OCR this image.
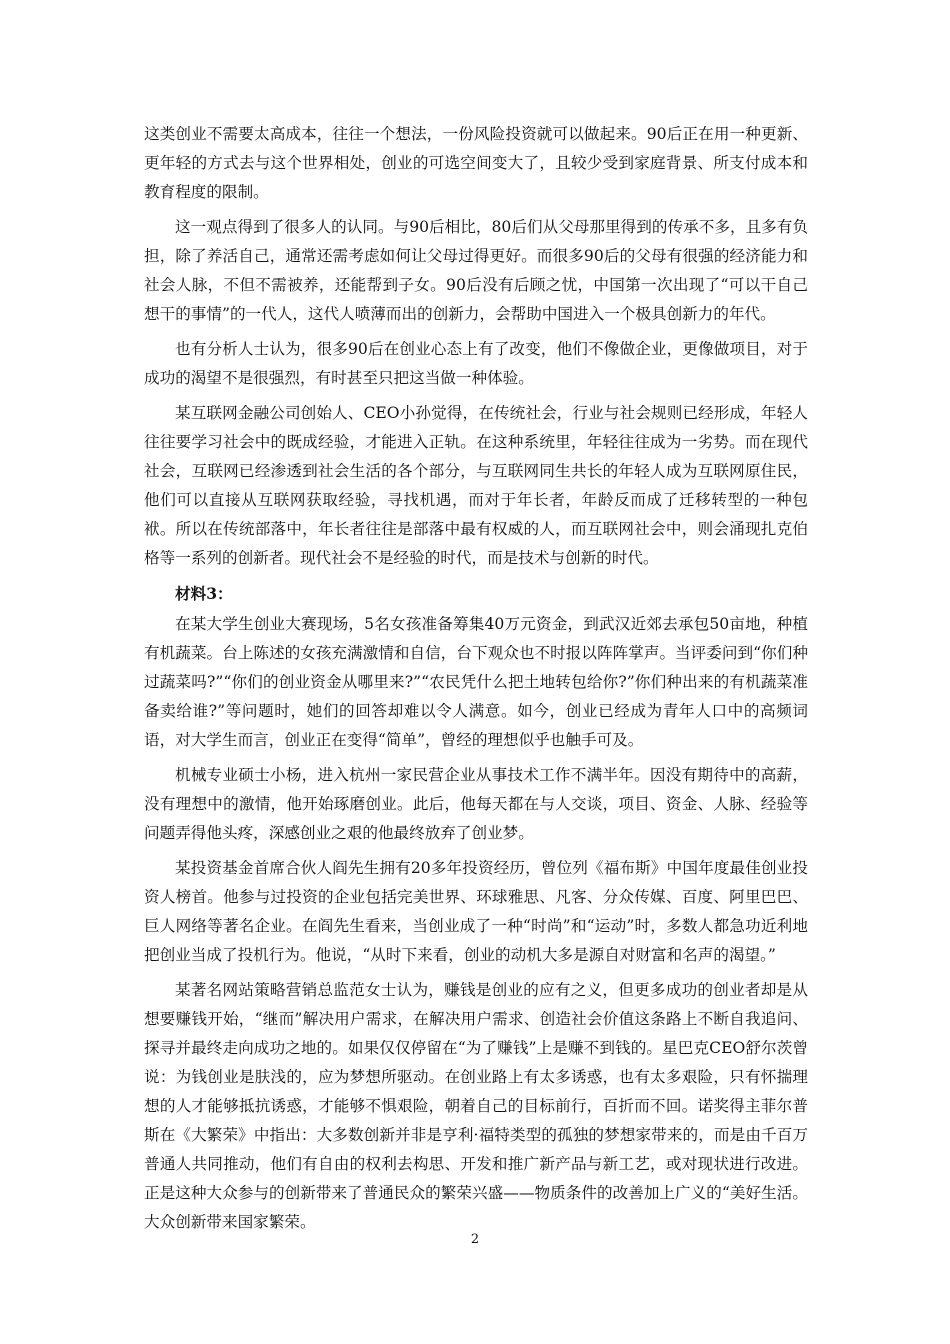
这类创业不需要太高成本，往往一个想法，一份风险投资就可以做起来。90后正在用一种更新、更年轻的方式去与这个世界相处，创业的可选空间变大了，且较少受到家庭背景、所支付成本和教育程度的限制。

这一观点得到了很多人的认同。与90后相比，80后们从父母那里得到的传承不多，且多有负担，除了养活自己，通常还需考虑如何让父母过得更好。而很多90后的父母有很强的经济能力和社会人脉，不但不需被养，还能帮到子女。90后没有后顾之忧，中国第一次出现了“可以干自己想干的事情”的一代人，这代人喷薄而出的创新力，会帮助中国进入一个极具创新力的年代。

也有分析人士认为，很多90后在创业心态上有了改变，他们不像做企业，更像做项目，对于成功的渴望不是很强烈，有时甚至只把这当做一种体验。

某互联网金融公司创始人、CEO小孙觉得，在传统社会，行业与社会规则已经形成，年轻人往往要学习社会中的既成经验，才能进入正轨。在这种系统里，年轻往往成为一劣势。而在现代社会，互联网已经渗透到社会生活的各个部分，与互联网同生共长的年轻人成为互联网原住民，他们可以直接从互联网获取经验，寻找机遇，而对于年长者，年龄反而成了迁移转型的一种包袱。所以在传统部落中，年长者往往是部落中最有权威的人，而互联网社会中，则会涌现扎克伯格等一系列的创新者。现代社会不是经验的时代，而是技术与创新的时代。

材料3：

在某大学生创业大赛现场，5名女孩准备筹集40万元资金，到武汉近郊去承包50亩地，种植有机蔬菜。台上陈述的女孩充满激情和自信，台下观众也不时报以阵阵掌声。当评委问到“你们种过蔬菜吗?”“你们的创业资金从哪里来?”“农民凭什么把土地转包给你?”你们种出来的有机蔬菜准备卖给谁?”等问题时，她们的回答却难以令人满意。如今，创业已经成为青年人口中的高频词语，对大学生而言，创业正在变得“简单”，曾经的理想似乎也触手可及。

机械专业硕士小杨，进入杭州一家民营企业从事技术工作不满半年。因没有期待中的高薪，没有理想中的激情，他开始琢磨创业。此后，他每天都在与人交谈，项目、资金、人脉、经验等问题弄得他头疼，深感创业之艰的他最终放弃了创业梦。

某投资基金首席合伙人阎先生拥有20多年投资经历，曾位列《福布斯》中国年度最佳创业投资人榜首。他参与过投资的企业包括完美世界、环球雅思、凡客、分众传媒、百度、阿里巴巴、巨人网络等著名企业。在阎先生看来，当创业成了一种“时尚”和“运动”时，多数人都急功近利地把创业当成了投机行为。他说，“从时下来看，创业的动机大多是源自对财富和名声的渴望。”

某著名网站策略营销总监范女士认为，赚钱是创业的应有之义，但更多成功的创业者却是从想要赚钱开始，“继而”解决用户需求，在解决用户需求、创造社会价值这条路上不断自我追问、探寻并最终走向成功之地的。如果仅仅停留在“为了赚钱”上是赚不到钱的。星巴克CEO舒尔茨曾说：为钱创业是肤浅的，应为梦想所驱动。在创业路上有太多诱惑，也有太多艰险，只有怀揣理想的人才能够抵抗诱惑，才能够不惧艰险，朝着自己的目标前行，百折而不回。诺奖得主菲尔普斯在《大繁荣》中指出：大多数创新并非是亨利·福特类型的孤独的梦想家带来的，而是由千百万普通人共同推动，他们有自由的权利去构思、开发和推广新产品与新工艺，或对现状进行改进。正是这种大众参与的创新带来了普通民众的繁荣兴盛——物质条件的改善加上广义的“美好生活。大众创新带来国家繁荣。

2
